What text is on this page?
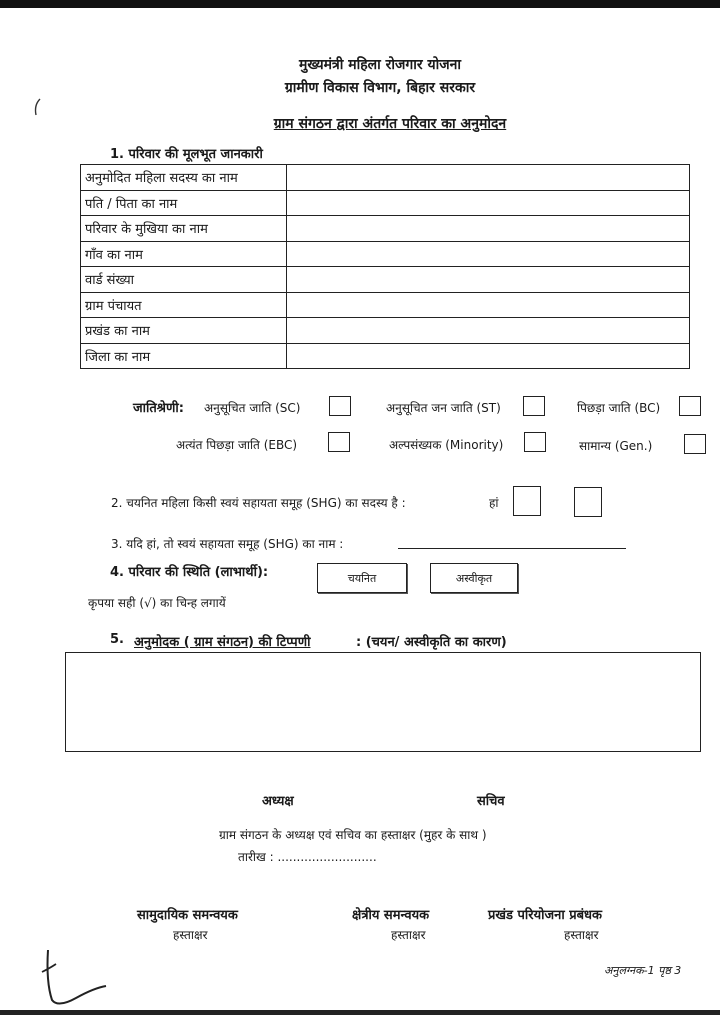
मुख्यमंत्री महिला रोजगार योजना
ग्रामीण विकास विभाग, बिहार सरकार
ग्राम संगठन द्वारा अंतर्गत परिवार का अनुमोदन
1. परिवार की मूलभूत जानकारी
अनुमोदित महिला सदस्य का नाम	
पति / पिता का नाम	
परिवार के मुखिया का नाम	
गाँव का नाम	
वार्ड संख्या	
ग्राम पंचायत	
प्रखंड का नाम	
जिला का नाम	
जातिश्रेणी: अनुसूचित जाति (SC)	अनुसूचित जन जाति (ST)	पिछड़ा जाति (BC)
अत्यंत पिछड़ा जाति (EBC)	अल्पसंख्यक (Minority)	सामान्य (Gen.)
2. चयनित महिला किसी स्वयं सहायता समूह (SHG) का सदस्य है :	हां
3. यदि हां, तो स्वयं सहायता समूह (SHG) का नाम :
4. परिवार की स्थिति (लाभार्थी):	चयनित	अस्वीकृत
कृपया सही (√) का चिन्ह लगायें
5. अनुमोदक ( ग्राम संगठन) की टिप्पणी	: (चयन/ अस्वीकृति का कारण)
अध्यक्ष	सचिव
ग्राम संगठन के अध्यक्ष एवं सचिव का हस्ताक्षर (मुहर के साथ )
तारीख : ..........................
सामुदायिक समन्वयक
हस्ताक्षर
क्षेत्रीय समन्वयक
हस्ताक्षर
प्रखंड परियोजना प्रबंधक
हस्ताक्षर
अनुलग्नक-1 पृष्ठ 3
